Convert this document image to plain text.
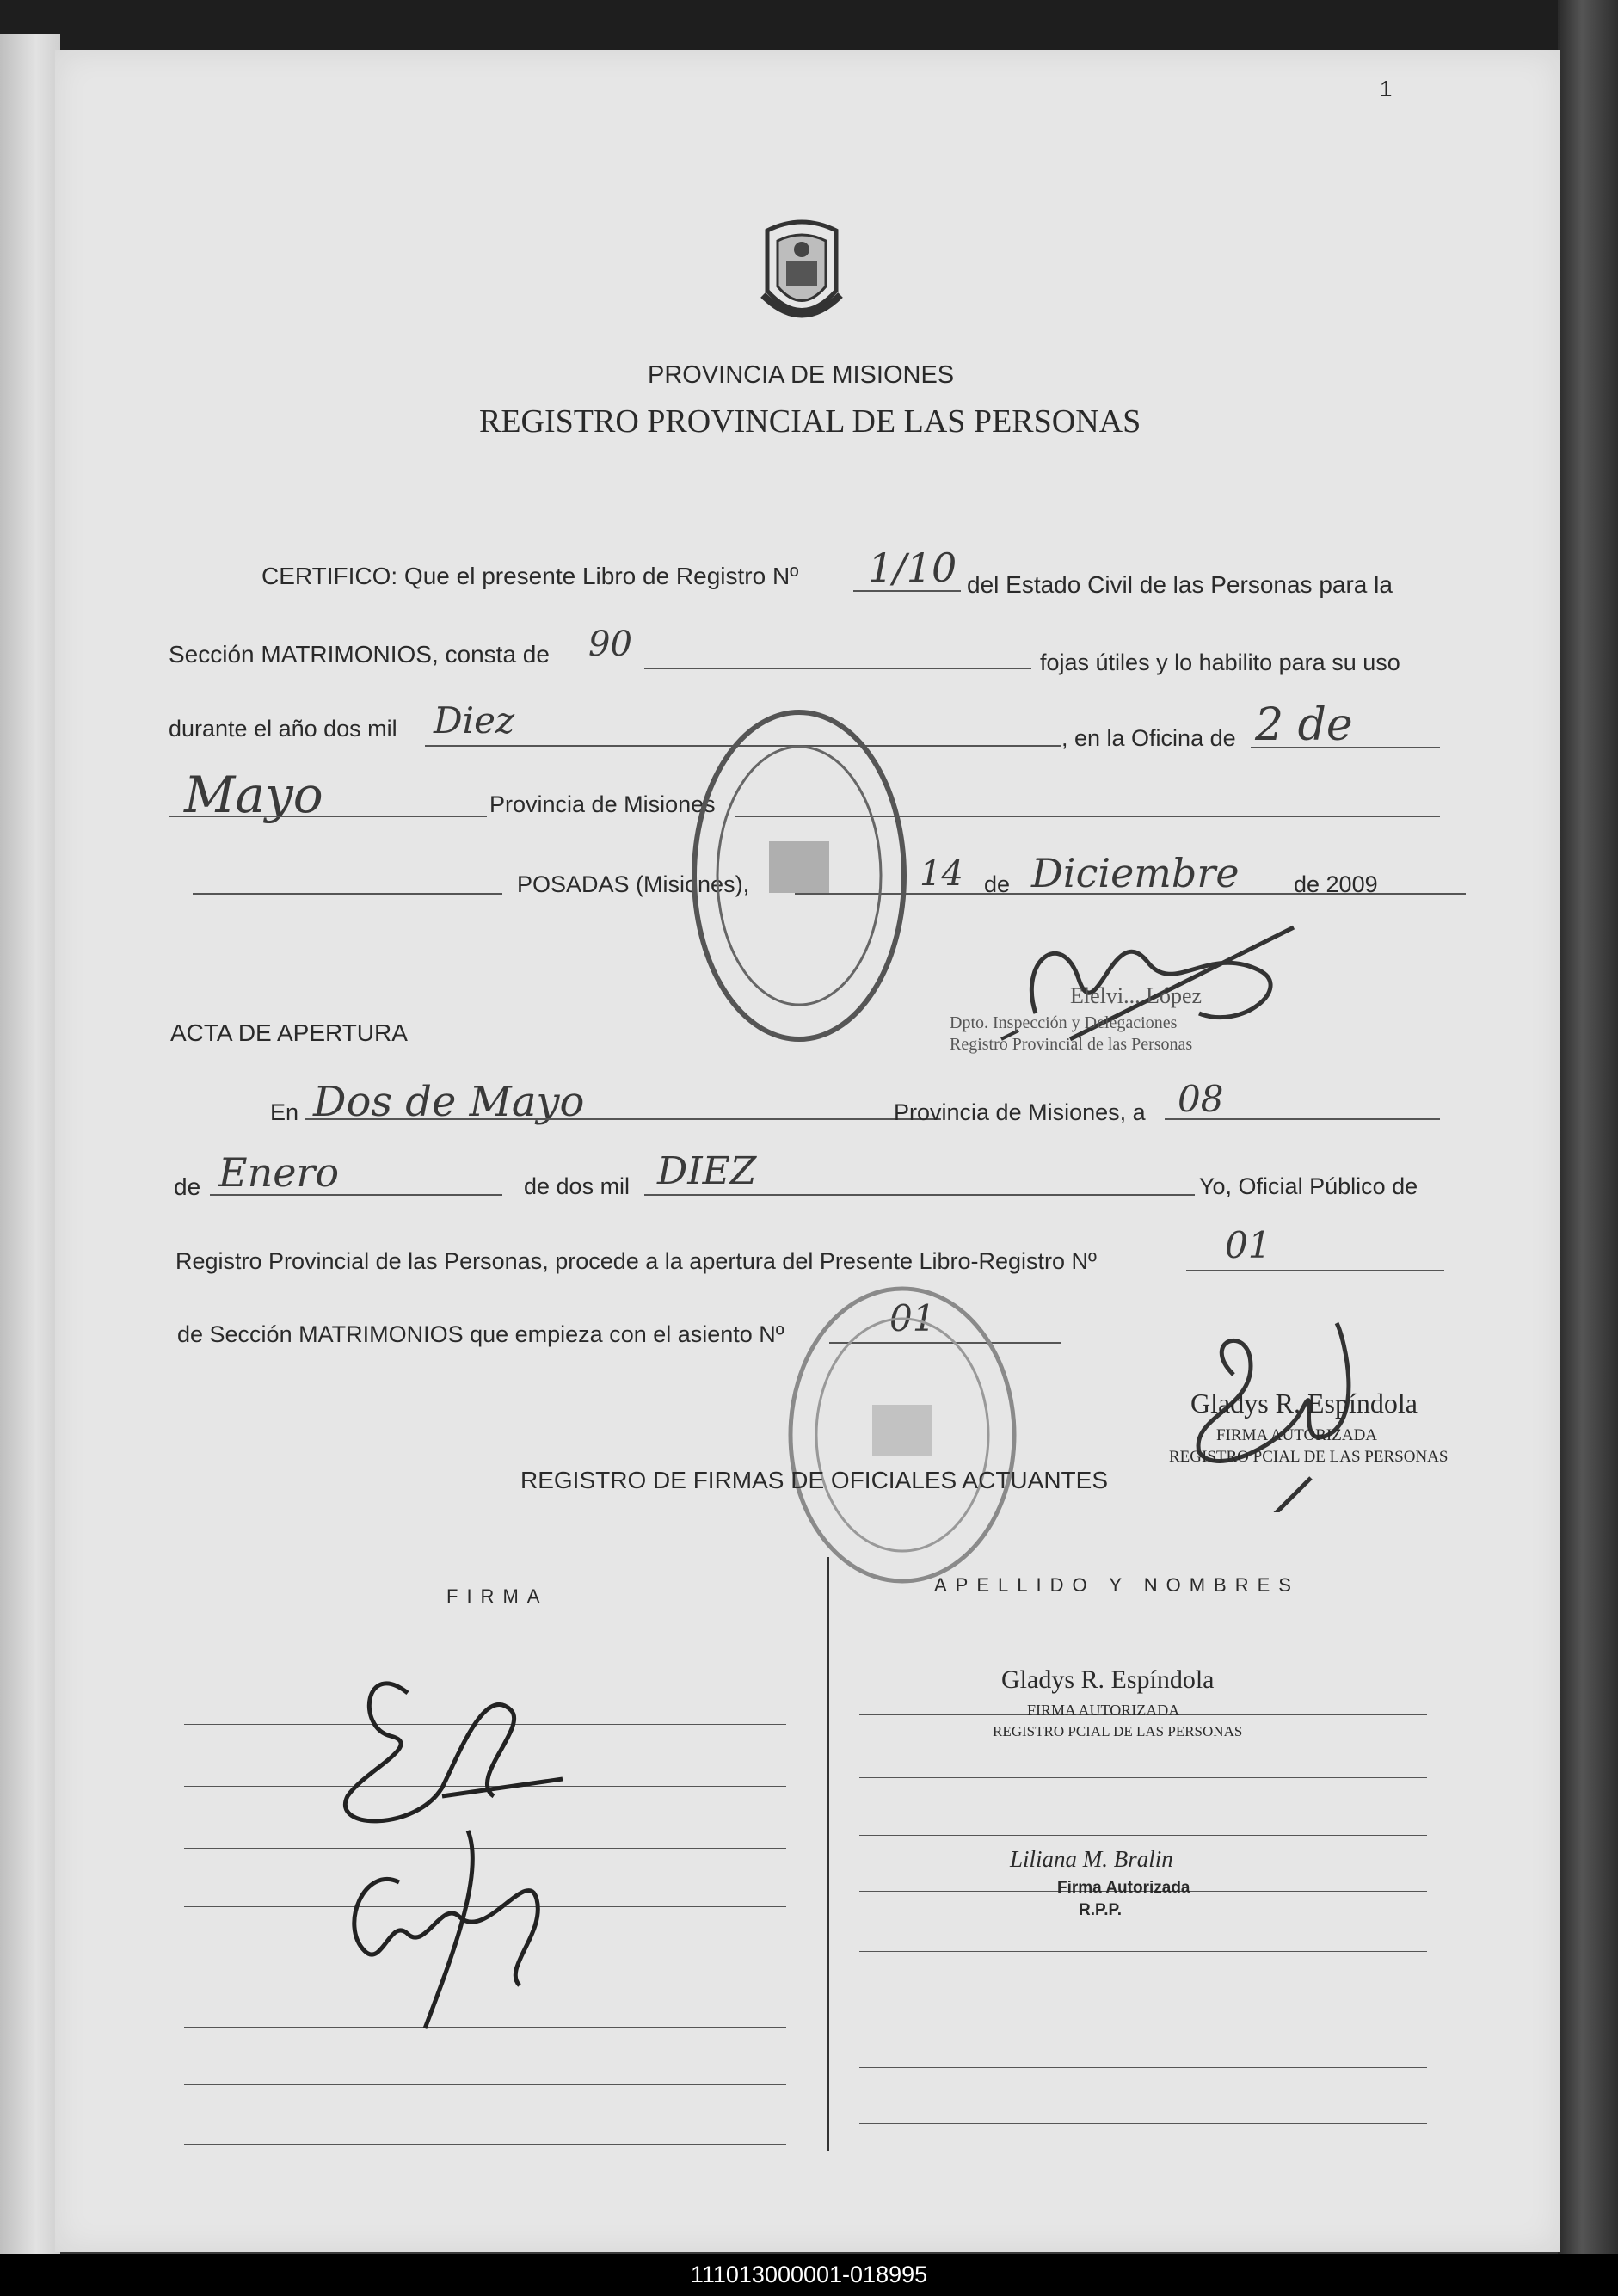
1
PROVINCIA DE MISIONES
REGISTRO PROVINCIAL DE LAS PERSONAS
CERTIFICO: Que el presente Libro de Registro Nº 1/10 del Estado Civil de las Personas para la
Sección MATRIMONIOS, consta de 90	fojas útiles y lo habilito para su uso
durante el año dos mil Diez	, en la Oficina de 2 de
Mayo	Provincia de Misiones
POSADAS (Misiones),	14 de Diciembre de 2009
Elelvi... López
Dpto. Inspección y Delegaciones
Registro Provincial de las Personas
ACTA DE APERTURA
En Dos de Mayo	Provincia de Misiones, a 08
de Enero	de dos mil DIEZ	Yo, Oficial Público de
Registro Provincial de las Personas, procede a la apertura del Presente Libro-Registro Nº	01
de Sección MATRIMONIOS que empieza con el asiento Nº	01
Gladys R. Espíndola
FIRMA AUTORIZADA
REGISTRO PCIAL DE LAS PERSONAS
REGISTRO DE FIRMAS DE OFICIALES ACTUANTES
FIRMA
APELLIDO Y NOMBRES
Gladys R. Espíndola
FIRMA AUTORIZADA
REGISTRO PCIAL DE LAS PERSONAS
Liliana M. Bralin
Firma Autorizada
R.P.P.
111013000001-018995
